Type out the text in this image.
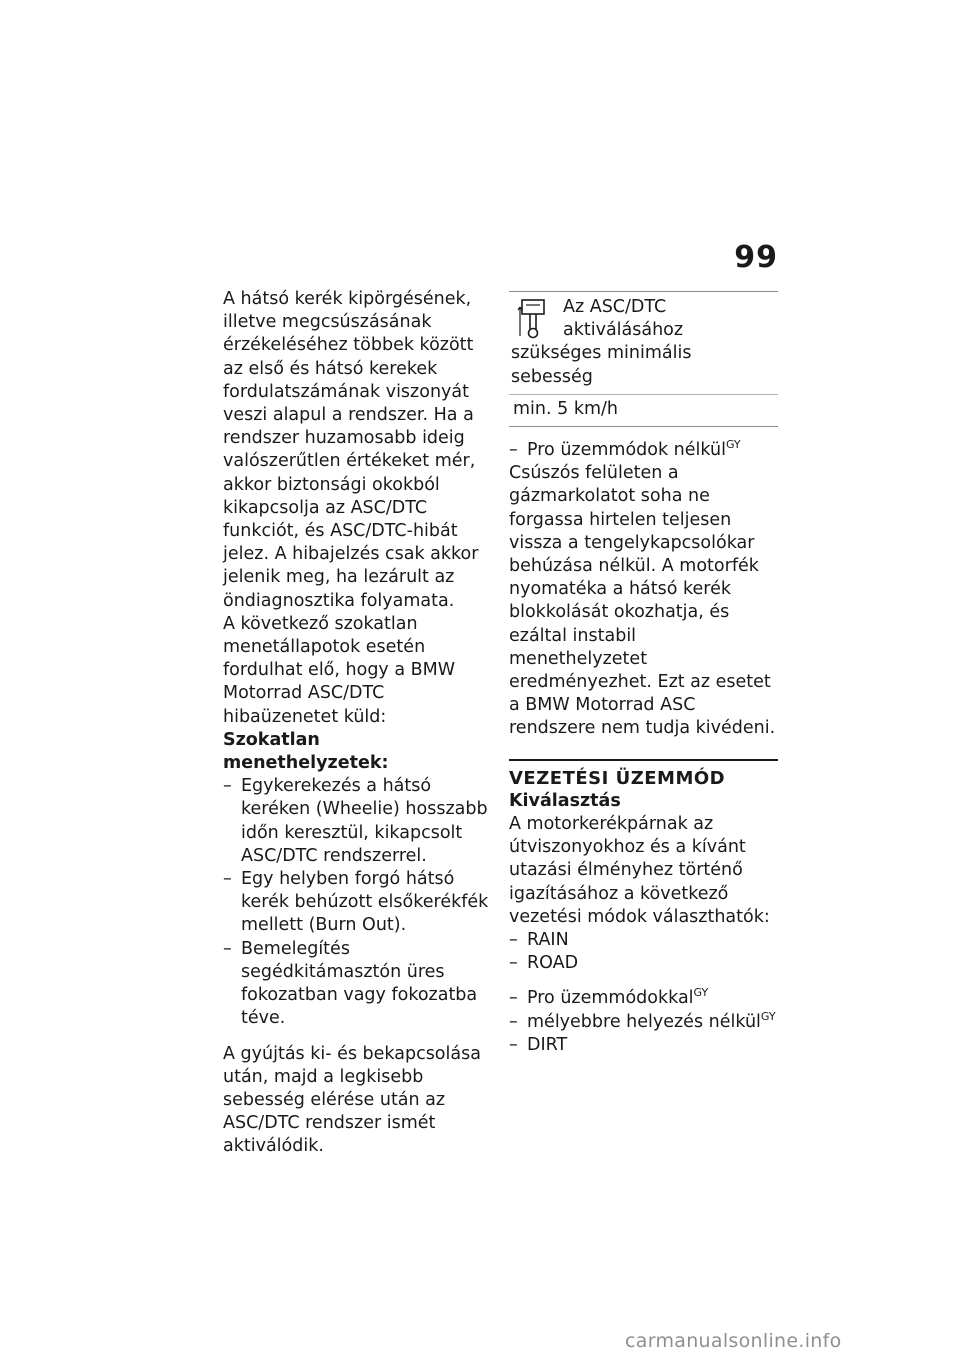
99

A hátsó kerék kipörgésének, illetve megcsúszásának érzékeléséhez többek között az első és hátsó kerekek fordulatszámának viszonyát veszi alapul a rendszer. Ha a rendszer huzamosabb ideig valószerűtlen értékeket mér, akkor biztonsági okokból kikapcsolja az ASC/DTC funkciót, és ASC/DTC-hibát jelez. A hibajelzés csak akkor jelenik meg, ha lezárult az öndiagnosztika folyamata.

A következő szokatlan menetállapotok esetén fordulhat elő, hogy a BMW Motorrad ASC/DTC hibaüzenetet küld:

Szokatlan menethelyzetek:

– Egykerekezés a hátsó keréken (Wheelie) hosszabb időn keresztül, kikapcsolt ASC/DTC rendszerrel.
– Egy helyben forgó hátsó kerék behúzott elsőkerékfék mellett (Burn Out).
– Bemelegítés segédkitámasztón üres fokozatban vagy fokozatba téve.

A gyújtás ki- és bekapcsolása után, majd a legkisebb sebesség elérése után az ASC/DTC rendszer ismét aktiválódik.

Az ASC/DTC aktiválásához szükséges minimális sebesség
min. 5 km/h
– Pro üzemmódok nélkül$^{GY}$

Csúszós felületen a gázmarkolatot soha ne forgassa hirtelen teljesen vissza a tengelykapcsolókar behúzása nélkül. A motorfék nyomatéka a hátsó kerék blokkolását okozhatja, és ezáltal instabil menethelyzetet eredményezhet. Ezt az esetet a BMW Motorrad ASC rendszere nem tudja kivédeni.

VEZETÉSI ÜZEMMÓD

Kiválasztás

A motorkerékpárnak az útviszonyokhoz és a kívánt utazási élményhez történő igazításához a következő vezetési módok választhatók:

– RAIN
– ROAD
– Pro üzemmódokkal$^{GY}$
– mélyebbre helyezés nélkül$^{GY}$
– DIRT
carmanualsonline.info
